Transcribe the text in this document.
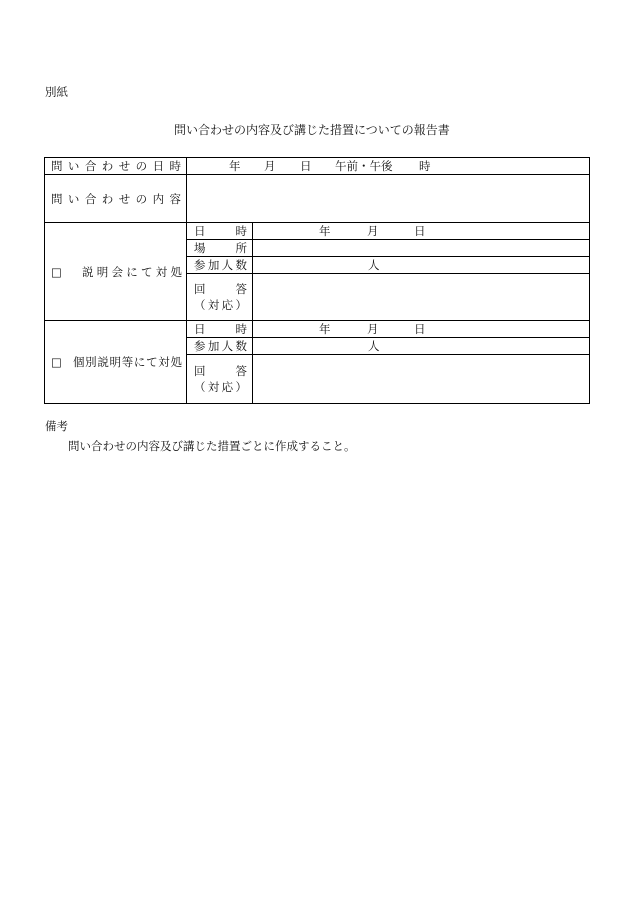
別紙
問い合わせの内容及び講じた措置についての報告書
問い合わせの日時	年 月 日 午前・午後 時	

問い合わせの内容		

□ 説明会にて対処	日時	年 月 日

	場所	

	参加人数	人

	回答
（対応）	

□ 個別説明等にて対処	日時	年 月 日

	参加人数	人

	回答
（対応）	

備考
問い合わせの内容及び講じた措置ごとに作成すること。
